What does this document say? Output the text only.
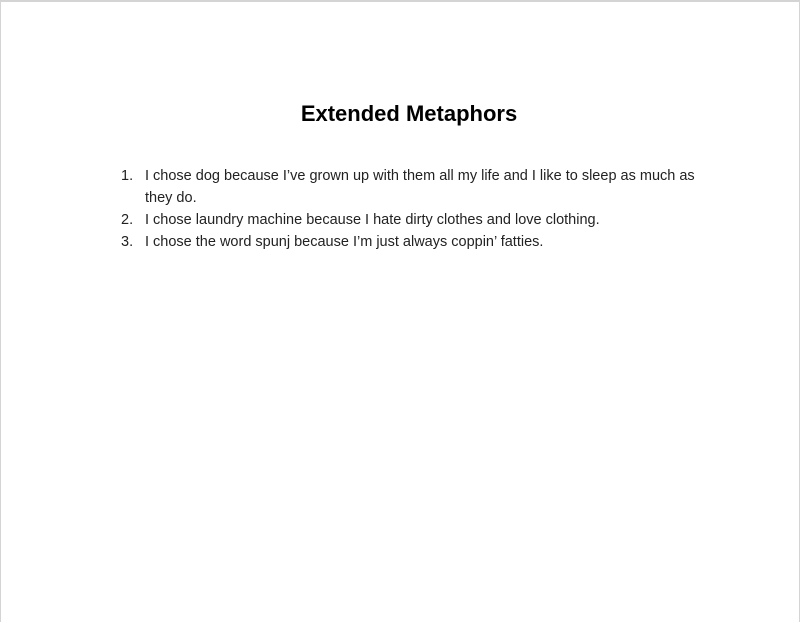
Extended Metaphors
1. I chose dog because I’ve grown up with them all my life and I like to sleep as much as they do.
2. I chose laundry machine because I hate dirty clothes and love clothing.
3. I chose the word spunj because I’m just always coppin’ fatties.
